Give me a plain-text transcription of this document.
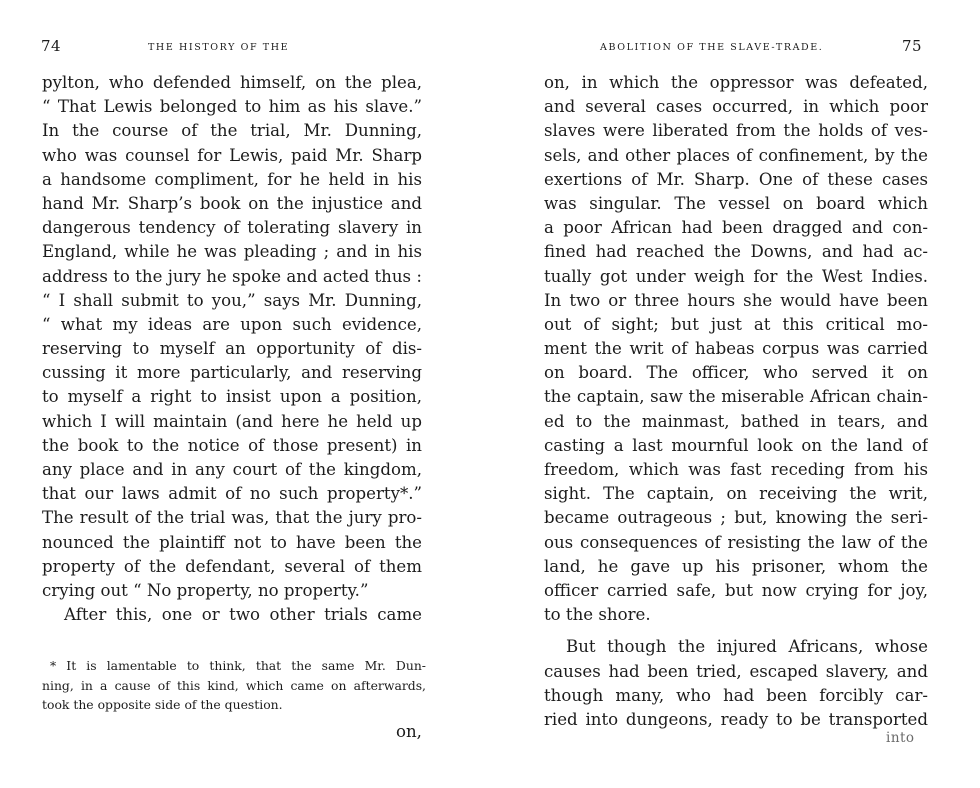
74	THE HISTORY OF THE
pylton, who defended himself, on the plea,
“ That Lewis belonged to him as his slave.”
In the course of the trial, Mr. Dunning,
who was counsel for Lewis, paid Mr. Sharp
a handsome compliment, for he held in his
hand Mr. Sharp’s book on the injustice and
dangerous tendency of tolerating slavery in
England, while he was pleading ; and in his
address to the jury he spoke and acted thus :
“ I shall submit to you,” says Mr. Dunning,
“ what my ideas are upon such evidence,
reserving to myself an opportunity of dis-
cussing it more particularly, and reserving
to myself a right to insist upon a position,
which I will maintain (and here he held up
the book to the notice of those present) in
any place and in any court of the kingdom,
that our laws admit of no such property*.”
The result of the trial was, that the jury pro-
nounced the plaintiff not to have been the
property of the defendant, several of them
crying out “ No property, no property.”
After this, one or two other trials came
* It is lamentable to think, that the same Mr. Dun-
ning, in a cause of this kind, which came on afterwards,
took the opposite side of the question.
on,
ABOLITION OF THE SLAVE-TRADE.	75
on, in which the oppressor was defeated,
and several cases occurred, in which poor
slaves were liberated from the holds of ves-
sels, and other places of confinement, by the
exertions of Mr. Sharp. One of these cases
was singular. The vessel on board which
a poor African had been dragged and con-
fined had reached the Downs, and had ac-
tually got under weigh for the West Indies.
In two or three hours she would have been
out of sight; but just at this critical mo-
ment the writ of habeas corpus was carried
on board. The officer, who served it on
the captain, saw the miserable African chain-
ed to the mainmast, bathed in tears, and
casting a last mournful look on the land of
freedom, which was fast receding from his
sight. The captain, on receiving the writ,
became outrageous ; but, knowing the seri-
ous consequences of resisting the law of the
land, he gave up his prisoner, whom the
officer carried safe, but now crying for joy,
to the shore.
But though the injured Africans, whose
causes had been tried, escaped slavery, and
though many, who had been forcibly car-
ried into dungeons, ready to be transported
into
